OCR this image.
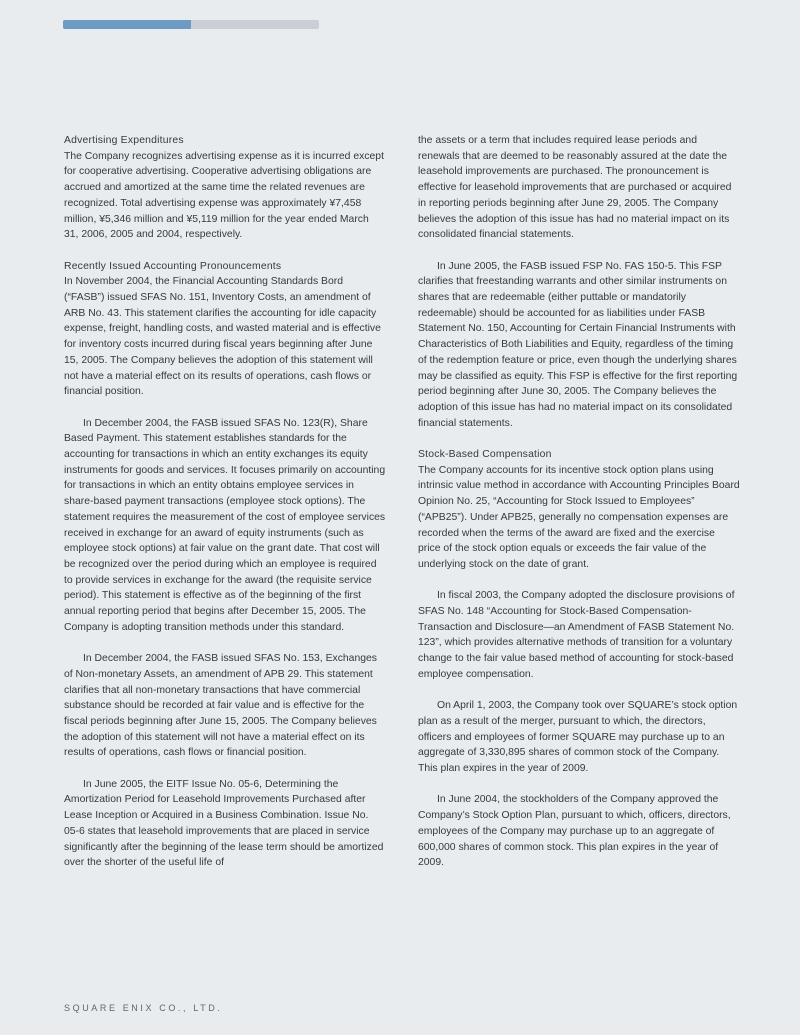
Advertising Expenditures
The Company recognizes advertising expense as it is incurred except for cooperative advertising. Cooperative advertising obligations are accrued and amortized at the same time the related revenues are recognized. Total advertising expense was approximately ¥7,458 million, ¥5,346 million and ¥5,119 million for the year ended March 31, 2006, 2005 and 2004, respectively.

Recently Issued Accounting Pronouncements
In November 2004, the Financial Accounting Standards Bord (“FASB”) issued SFAS No. 151, Inventory Costs, an amendment of ARB No. 43. This statement clarifies the accounting for idle capacity expense, freight, handling costs, and wasted material and is effective for inventory costs incurred during fiscal years beginning after June 15, 2005. The Company believes the adoption of this statement will not have a material effect on its results of operations, cash flows or financial position.

In December 2004, the FASB issued SFAS No. 123(R), Share Based Payment. This statement establishes standards for the accounting for transactions in which an entity exchanges its equity instruments for goods and services. It focuses primarily on accounting for transactions in which an entity obtains employee services in share-based payment transactions (employee stock options). The statement requires the measurement of the cost of employee services received in exchange for an award of equity instruments (such as employee stock options) at fair value on the grant date. That cost will be recognized over the period during which an employee is required to provide services in exchange for the award (the requisite service period). This statement is effective as of the beginning of the first annual reporting period that begins after December 15, 2005. The Company is adopting transition methods under this standard.

In December 2004, the FASB issued SFAS No. 153, Exchanges of Non-monetary Assets, an amendment of APB 29. This statement clarifies that all non-monetary transactions that have commercial substance should be recorded at fair value and is effective for the fiscal periods beginning after June 15, 2005. The Company believes the adoption of this statement will not have a material effect on its results of operations, cash flows or financial position.

In June 2005, the EITF Issue No. 05-6, Determining the Amortization Period for Leasehold Improvements Purchased after Lease Inception or Acquired in a Business Combination. Issue No. 05-6 states that leasehold improvements that are placed in service significantly after the beginning of the lease term should be amortized over the shorter of the useful life of

the assets or a term that includes required lease periods and renewals that are deemed to be reasonably assured at the date the leasehold improvements are purchased. The pronouncement is effective for leasehold improvements that are purchased or acquired in reporting periods beginning after June 29, 2005. The Company believes the adoption of this issue has had no material impact on its consolidated financial statements.

In June 2005, the FASB issued FSP No. FAS 150-5. This FSP clarifies that freestanding warrants and other similar instruments on shares that are redeemable (either puttable or mandatorily redeemable) should be accounted for as liabilities under FASB Statement No. 150, Accounting for Certain Financial Instruments with Characteristics of Both Liabilities and Equity, regardless of the timing of the redemption feature or price, even though the underlying shares may be classified as equity. This FSP is effective for the first reporting period beginning after June 30, 2005. The Company believes the adoption of this issue has had no material impact on its consolidated financial statements.

Stock-Based Compensation
The Company accounts for its incentive stock option plans using intrinsic value method in accordance with Accounting Principles Board Opinion No. 25, “Accounting for Stock Issued to Employees” (“APB25”). Under APB25, generally no compensation expenses are recorded when the terms of the award are fixed and the exercise price of the stock option equals or exceeds the fair value of the underlying stock on the date of grant.

In fiscal 2003, the Company adopted the disclosure provisions of SFAS No. 148 “Accounting for Stock-Based Compensation-Transaction and Disclosure—an Amendment of FASB Statement No. 123”, which provides alternative methods of transition for a voluntary change to the fair value based method of accounting for stock-based employee compensation.

On April 1, 2003, the Company took over SQUARE’s stock option plan as a result of the merger, pursuant to which, the directors, officers and employees of former SQUARE may purchase up to an aggregate of 3,330,895 shares of common stock of the Company. This plan expires in the year of 2009.

In June 2004, the stockholders of the Company approved the Company’s Stock Option Plan, pursuant to which, officers, directors, employees of the Company may purchase up to an aggregate of 600,000 shares of common stock. This plan expires in the year of 2009.

SQUARE ENIX CO., LTD.
